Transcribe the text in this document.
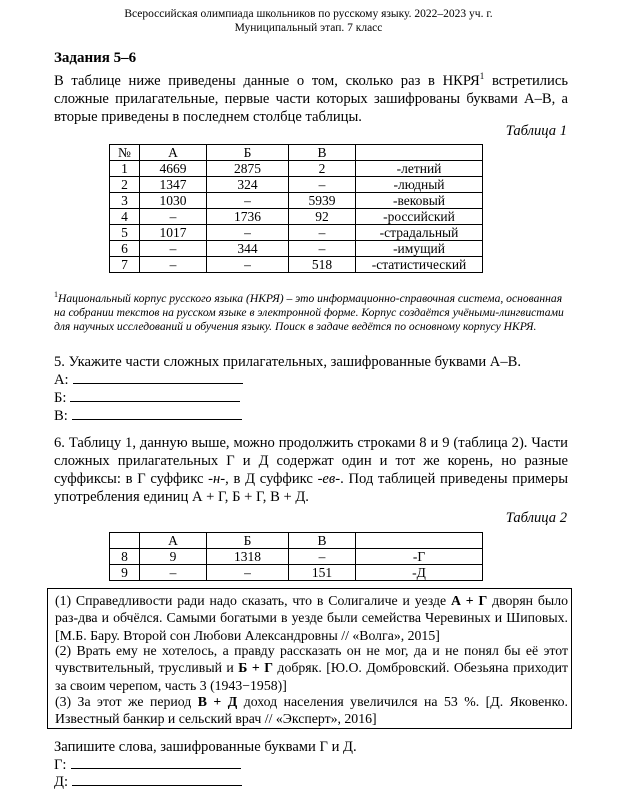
Всероссийская олимпиада школьников по русскому языку. 2022–2023 уч. г.
Муниципальный этап. 7 класс
Задания 5–6
В таблице ниже приведены данные о том, сколько раз в НКРЯ$^1$ встретились сложные прилагательные, первые части которых зашифрованы буквами А–В, а вторые приведены в последнем столбце таблицы.
Таблица 1
№	А	Б	В	
1	4669	2875	2	-летний
2	1347	324	–	-людный
3	1030	–	5939	-вековый
4	–	1736	92	-российский
5	1017	–	–	-страдальный
6	–	344	–	-имущий
7	–	–	518	-статистический
$^1$Национальный корпус русского языка (НКРЯ) – это информационно-справочная система, основанная на собрании текстов на русском языке в электронной форме. Корпус создаётся учёными-лингвистами для научных исследований и обучения языку. Поиск в задаче ведётся по основному корпусу НКРЯ.
5. Укажите части сложных прилагательных, зашифрованные буквами А–В.
А:
Б:
В:
6. Таблицу 1, данную выше, можно продолжить строками 8 и 9 (таблица 2). Части сложных прилагательных Г и Д содержат один и тот же корень, но разные суффиксы: в Г суффикс -н-, в Д суффикс -ев-. Под таблицей приведены примеры употребления единиц А + Г, Б + Г, В + Д.
Таблица 2
	А	Б	В	
8	9	1318	–	-Г
9	–	–	151	-Д
(1) Справедливости ради надо сказать, что в Солигаличе и уезде А + Г дворян было раз-два и обчёлся. Самыми богатыми в уезде были семейства Черевиных и Шиповых. [М.Б. Бару. Второй сон Любови Александровны // «Волга», 2015]
(2) Врать ему не хотелось, а правду рассказать он не мог, да и не понял бы её этот чувствительный, трусливый и Б + Г добряк. [Ю.О. Домбровский. Обезьяна приходит за своим черепом, часть 3 (1943−1958)]
(3) За этот же период В + Д доход населения увеличился на 53 %. [Д. Яковенко. Известный банкир и сельский врач // «Эксперт», 2016]
Запишите слова, зашифрованные буквами Г и Д.
Г:
Д:
